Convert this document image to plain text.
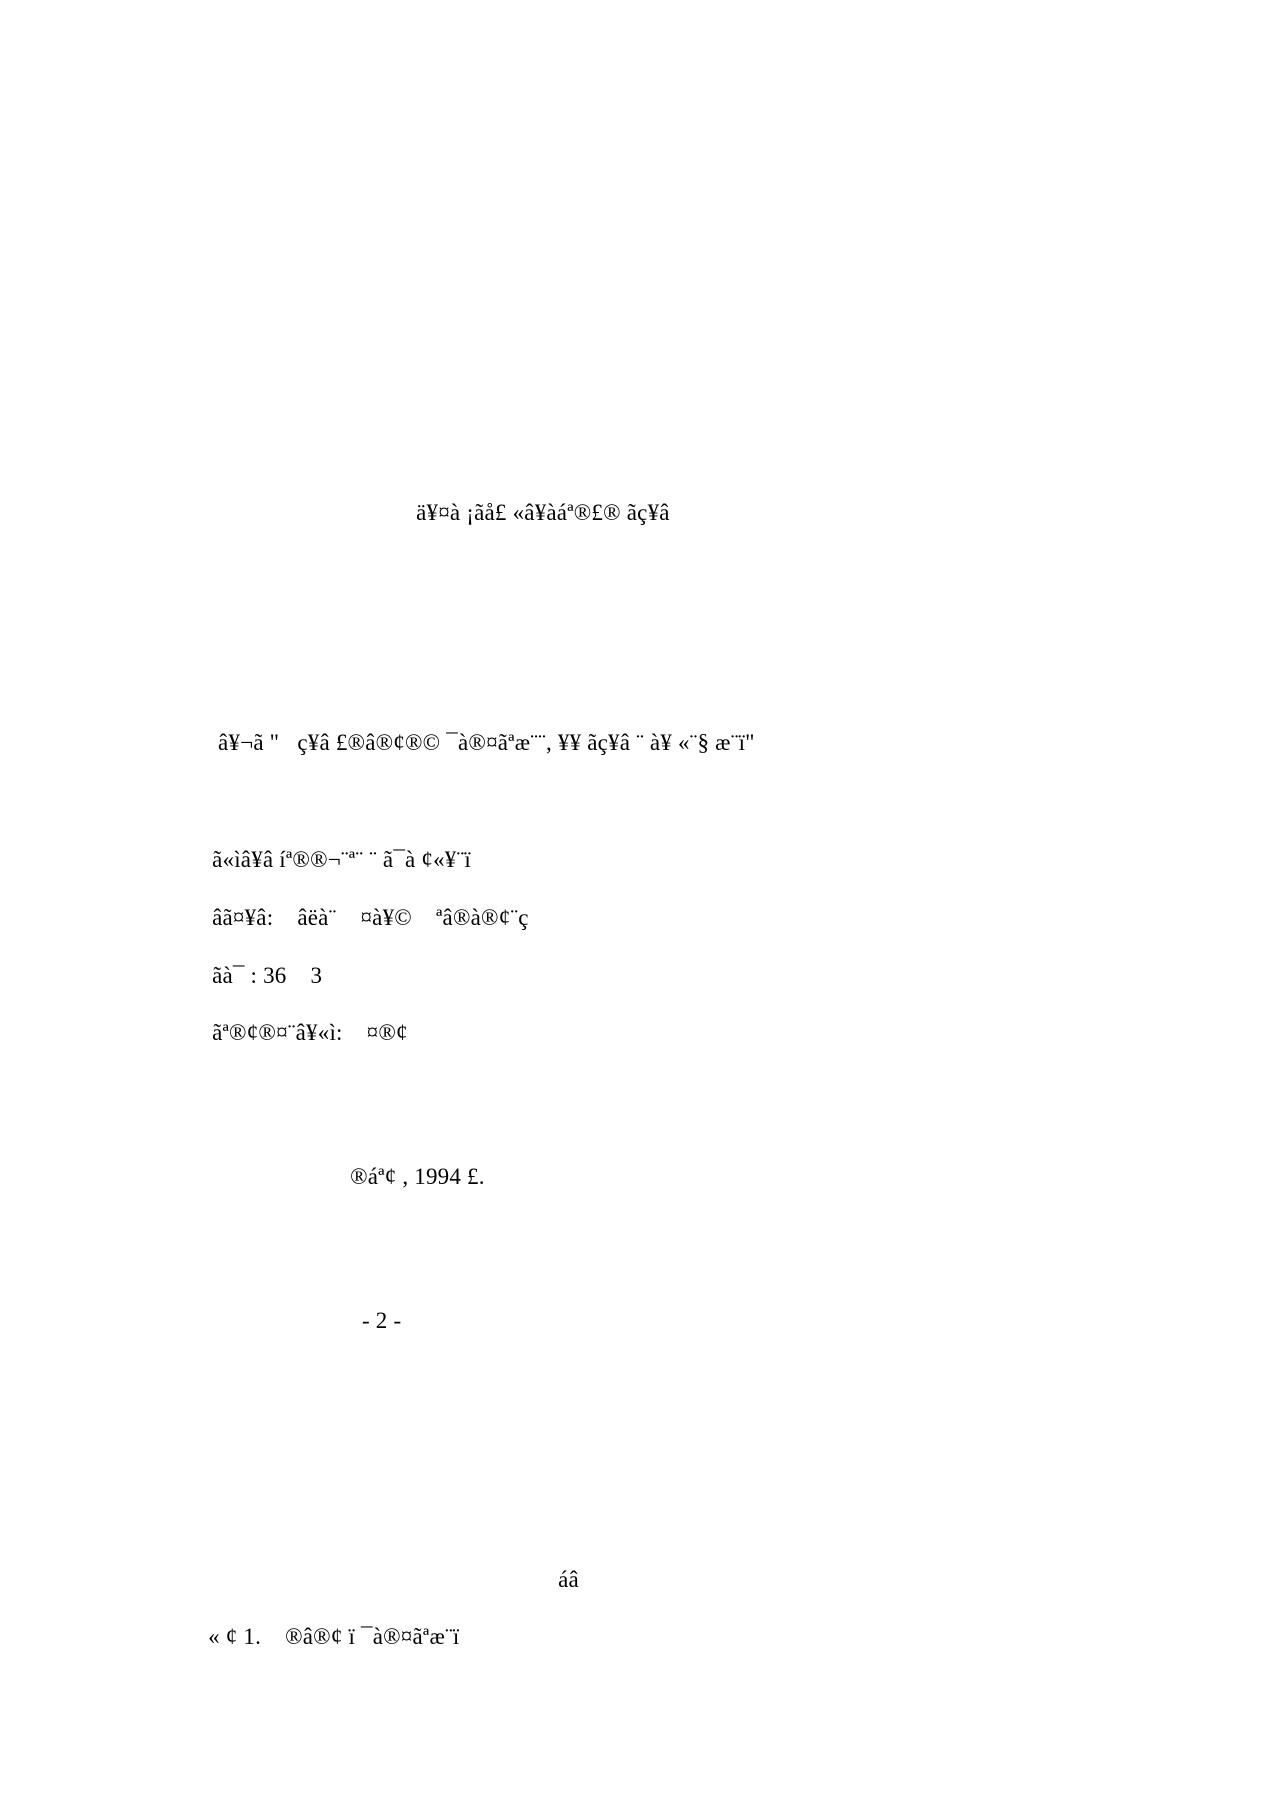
󰀀󰀀󰀀󰀀󰀀󰀀󰀀󰀀󰀀󰀀󰀀󰀀 󰀀󰀀󰀀󰀀󰀀󰀀󰀀 󰀀󰀀󰀀󰀀󰀀󰀀󰀀󰀀󰀀󰀀󰀀󰀀
󰀀󰀀󰀀󰀀󰀀󰀀󰀀󰀀 󰀀󰀀󰀀󰀀󰀀󰀀󰀀󰀀󰀀󰀀󰀀󰀀󰀀
󰀀󰀀󰀀󰀀󰀀 󰀀󰀀󰀀󰀀󰀀󰀀󰀀󰀀󰀀󰀀󰀀󰀀󰀀󰀀󰀀󰀀 󰀀󰀀󰀀󰀀󰀀󰀀󰀀󰀀󰀀󰀀󰀀󰀀󰀀
󰀀ä¥¤à ¡ãå£ «â¥àáª®£® ãç¥â
󰀀󰀀󰀀󰀀󰀀󰀀󰀀󰀀󰀀󰀀 󰀀󰀀󰀀󰀀󰀀󰀀󰀀
󰀀 â¥¬ã "󰀀ç¥â £®â®¢®© ¯à®¤ãªæ¨¨, ¥¥ ãç¥â ¨ à¥ «¨§ æ¨ï"
󰀀ã«ìâ¥â íª®®¬¨ª¨ ¨ ã¯à ¢«¥¨ï
󰀀âã¤¥â: 󰀀âëà¨ 󰀀¤à¥© 󰀀ªâ®à®¢¨ç
󰀀ãà¯ : 36 󰀀3
󰀀ãª®¢®¤¨â¥«ì: 󰀀¤®¢ 󰀀󰀀
󰀀®áª¢ , 1994 £.
- 2 -
󰀀󰀀󰀀󰀀󰀀󰀀󰀀󰀀󰀀󰀀󰀀
󰀀áâ
󰀀« ¢ 1. 󰀀®â®¢ ï ¯à®¤ãªæ¨ï
